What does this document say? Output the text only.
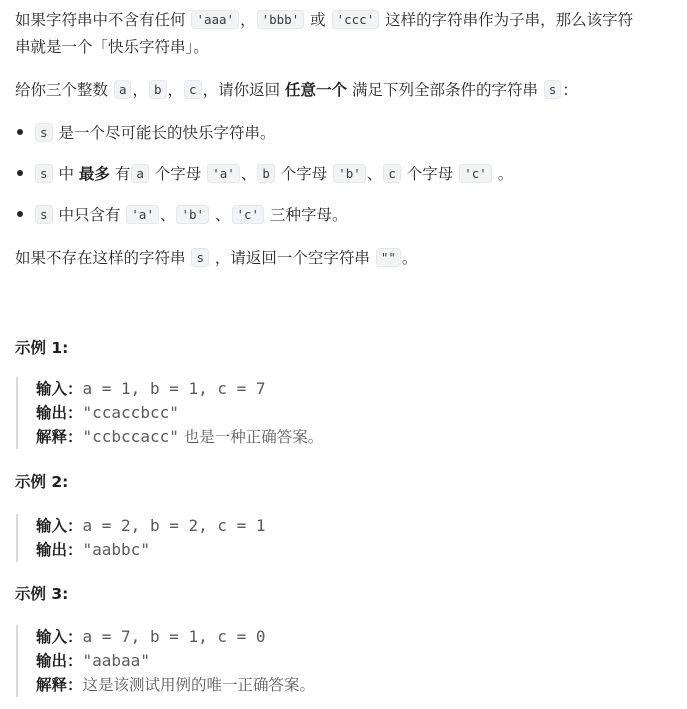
如果字符串中不含有任何 'aaa' ， 'bbb' 或 'ccc' 这样的字符串作为子串，那么该字符
串就是一个「快乐字符串」。
给你三个整数 a ， b ， c ，请你返回 任意一个 满足下列全部条件的字符串 s ：
s 是一个尽可能长的快乐字符串。
s 中 最多 有 a 个字母 'a' 、 b 个字母 'b' 、 c 个字母 'c' 。
s 中只含有 'a' 、 'b' 、 'c' 三种字母。
如果不存在这样的字符串 s ，请返回一个空字符串 "" 。
示例 1:
输入：a = 1, b = 1, c = 7
输出："ccaccbcc"
解释："ccbccacc" 也是一种正确答案。
示例 2:
输入：a = 2, b = 2, c = 1
输出："aabbc"
示例 3:
输入：a = 7, b = 1, c = 0
输出："aabaa"
解释：这是该测试用例的唯一正确答案。
